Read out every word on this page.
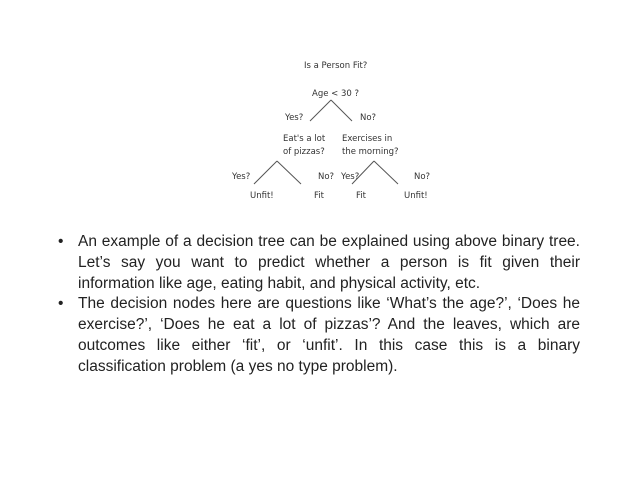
Is a Person Fit?
Age < 30 ?
Yes?	No?
Eat's a lot
of pizzas?
Exercises in
the morning?
Yes?	No? Yes?	No?
Unfit!	Fit	Fit	Unfit!
• An example of a decision tree can be explained using above binary tree. Let’s say you want to predict whether a person is fit given their information like age, eating habit, and physical activity, etc.
• The decision nodes here are questions like ‘What’s the age?’, ‘Does he exercise?’, ‘Does he eat a lot of pizzas’? And the leaves, which are outcomes like either ‘fit’, or ‘unfit’. In this case this is a binary classification problem (a yes no type problem).
